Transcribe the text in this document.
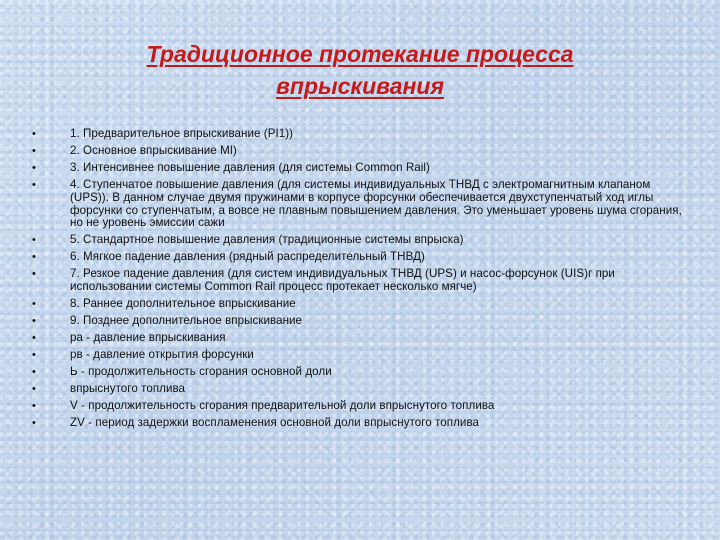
Традиционное протекание процесса
впрыскивания
•	1. Предварительное впрыскивание (PI1))
•	2. Основное впрыскивание MI)
•	3. Интенсивнее повышение давления (для системы Common Rail)
•	4. Ступенчатое повышение давления (для системы индивидуальных ТНВД с электромагнитным клапаном (UPS)). В данном случае двумя пружинами в корпусе форсунки обеспечивается двухступенчатый ход иглы форсунки со ступенчатым, а вовсе не плавным повышением давления. Это уменьшает уровень шума сгорания, но не уровень эмиссии сажи
•	5. Стандартное повышение давления (традиционные системы впрыска)
•	6. Мягкое падение давления (рядный распределительный ТНВД)
•	7. Резкое падение давления (для систем индивидуальных ТНВД (UPS) и насос-форсунок (UIS)г при использовании системы Common Rail процесс протекает несколько мягче)
•	8. Раннее дополнительное впрыскивание
•	9. Позднее дополнительное впрыскивание
•	pa - давление впрыскивания
•	pв - давление открытия форсунки
•	Ь - продолжительность сгорания основной доли
•	впрыснутого топлива
•	V - продолжительность сгорания предварительной доли впрыснутого топлива
•	ZV - период задержки воспламенения основной доли впрыснутого топлива
